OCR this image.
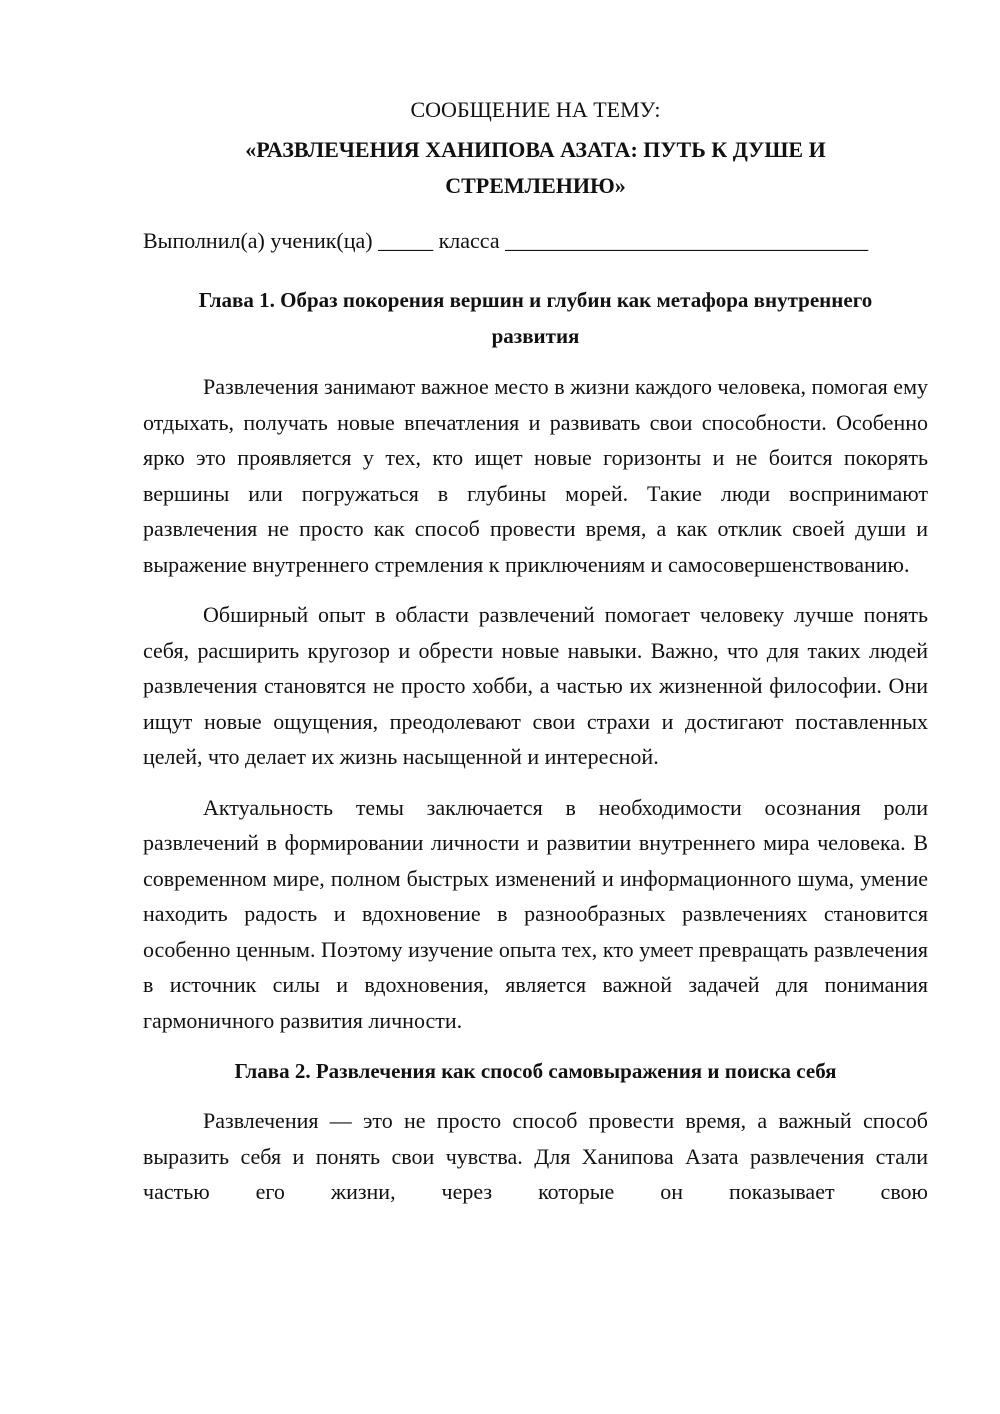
СООБЩЕНИЕ НА ТЕМУ:

«РАЗВЛЕЧЕНИЯ ХАНИПОВА АЗАТА: ПУТЬ К ДУШЕ И СТРЕМЛЕНИЮ»

Выполнил(а) ученик(ца) _____ класса _________________________________

Глава 1. Образ покорения вершин и глубин как метафора внутреннего развития

Развлечения занимают важное место в жизни каждого человека, помогая ему отдыхать, получать новые впечатления и развивать свои способности. Особенно ярко это проявляется у тех, кто ищет новые горизонты и не боится покорять вершины или погружаться в глубины морей. Такие люди воспринимают развлечения не просто как способ провести время, а как отклик своей души и выражение внутреннего стремления к приключениям и самосовершенствованию.

Обширный опыт в области развлечений помогает человеку лучше понять себя, расширить кругозор и обрести новые навыки. Важно, что для таких людей развлечения становятся не просто хобби, а частью их жизненной философии. Они ищут новые ощущения, преодолевают свои страхи и достигают поставленных целей, что делает их жизнь насыщенной и интересной.

Актуальность темы заключается в необходимости осознания роли развлечений в формировании личности и развитии внутреннего мира человека. В современном мире, полном быстрых изменений и информационного шума, умение находить радость и вдохновение в разнообразных развлечениях становится особенно ценным. Поэтому изучение опыта тех, кто умеет превращать развлечения в источник силы и вдохновения, является важной задачей для понимания гармоничного развития личности.

Глава 2. Развлечения как способ самовыражения и поиска себя

Развлечения — это не просто способ провести время, а важный способ выразить себя и понять свои чувства. Для Ханипова Азата развлечения стали частью его жизни, через которые он показывает свою
